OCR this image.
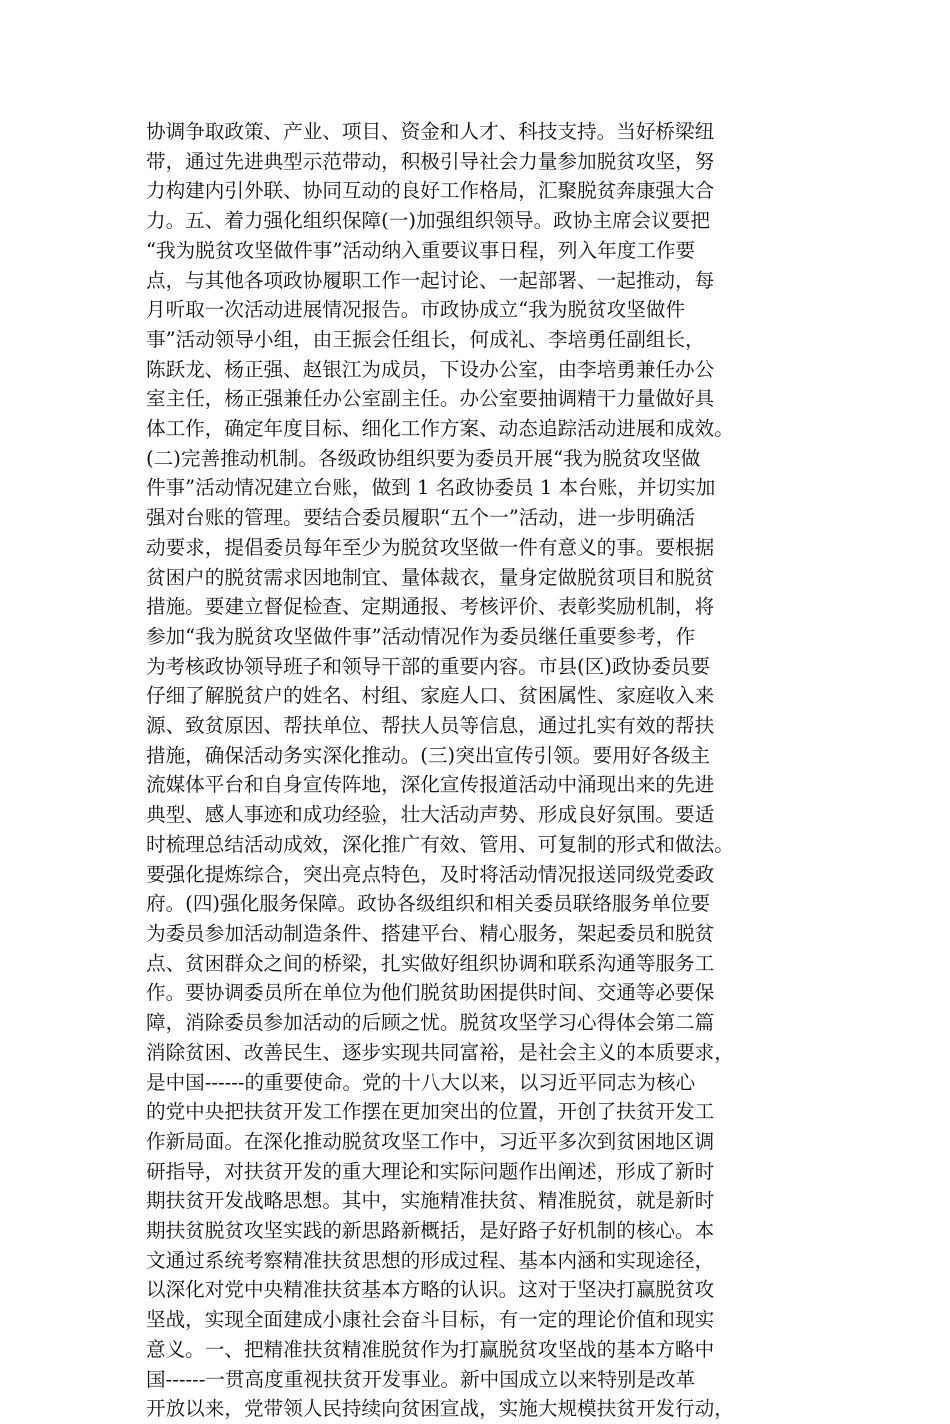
协调争取政策、产业、项目、资金和人才、科技支持。当好桥梁纽
带，通过先进典型示范带动，积极引导社会力量参加脱贫攻坚，努
力构建内引外联、协同互动的良好工作格局，汇聚脱贫奔康强大合
力。五、着力强化组织保障(一)加强组织领导。政协主席会议要把
“我为脱贫攻坚做件事”活动纳入重要议事日程，列入年度工作要
点，与其他各项政协履职工作一起讨论、一起部署、一起推动，每
月听取一次活动进展情况报告。市政协成立“我为脱贫攻坚做件
事”活动领导小组，由王振会任组长，何成礼、李培勇任副组长，
陈跃龙、杨正强、赵银江为成员，下设办公室，由李培勇兼任办公
室主任，杨正强兼任办公室副主任。办公室要抽调精干力量做好具
体工作，确定年度目标、细化工作方案、动态追踪活动进展和成效。
(二)完善推动机制。各级政协组织要为委员开展“我为脱贫攻坚做
件事”活动情况建立台账，做到 1 名政协委员 1 本台账，并切实加
强对台账的管理。要结合委员履职“五个一”活动，进一步明确活
动要求，提倡委员每年至少为脱贫攻坚做一件有意义的事。要根据
贫困户的脱贫需求因地制宜、量体裁衣，量身定做脱贫项目和脱贫
措施。要建立督促检查、定期通报、考核评价、表彰奖励机制，将
参加“我为脱贫攻坚做件事”活动情况作为委员继任重要参考，作
为考核政协领导班子和领导干部的重要内容。市县(区)政协委员要
仔细了解脱贫户的姓名、村组、家庭人口、贫困属性、家庭收入来
源、致贫原因、帮扶单位、帮扶人员等信息，通过扎实有效的帮扶
措施，确保活动务实深化推动。(三)突出宣传引领。要用好各级主
流媒体平台和自身宣传阵地，深化宣传报道活动中涌现出来的先进
典型、感人事迹和成功经验，壮大活动声势、形成良好氛围。要适
时梳理总结活动成效，深化推广有效、管用、可复制的形式和做法。
要强化提炼综合，突出亮点特色，及时将活动情况报送同级党委政
府。(四)强化服务保障。政协各级组织和相关委员联络服务单位要
为委员参加活动制造条件、搭建平台、精心服务，架起委员和脱贫
点、贫困群众之间的桥梁，扎实做好组织协调和联系沟通等服务工
作。要协调委员所在单位为他们脱贫助困提供时间、交通等必要保
障，消除委员参加活动的后顾之忧。脱贫攻坚学习心得体会第二篇
消除贫困、改善民生、逐步实现共同富裕，是社会主义的本质要求，
是中国------的重要使命。党的十八大以来，以习近平同志为核心
的党中央把扶贫开发工作摆在更加突出的位置，开创了扶贫开发工
作新局面。在深化推动脱贫攻坚工作中，习近平多次到贫困地区调
研指导，对扶贫开发的重大理论和实际问题作出阐述，形成了新时
期扶贫开发战略思想。其中，实施精准扶贫、精准脱贫，就是新时
期扶贫脱贫攻坚实践的新思路新概括，是好路子好机制的核心。本
文通过系统考察精准扶贫思想的形成过程、基本内涵和实现途径，
以深化对党中央精准扶贫基本方略的认识。这对于坚决打赢脱贫攻
坚战，实现全面建成小康社会奋斗目标，有一定的理论价值和现实
意义。一、把精准扶贫精准脱贫作为打赢脱贫攻坚战的基本方略中
国------一贯高度重视扶贫开发事业。新中国成立以来特别是改革
开放以来，党带领人民持续向贫困宣战，实施大规模扶贫开发行动，
